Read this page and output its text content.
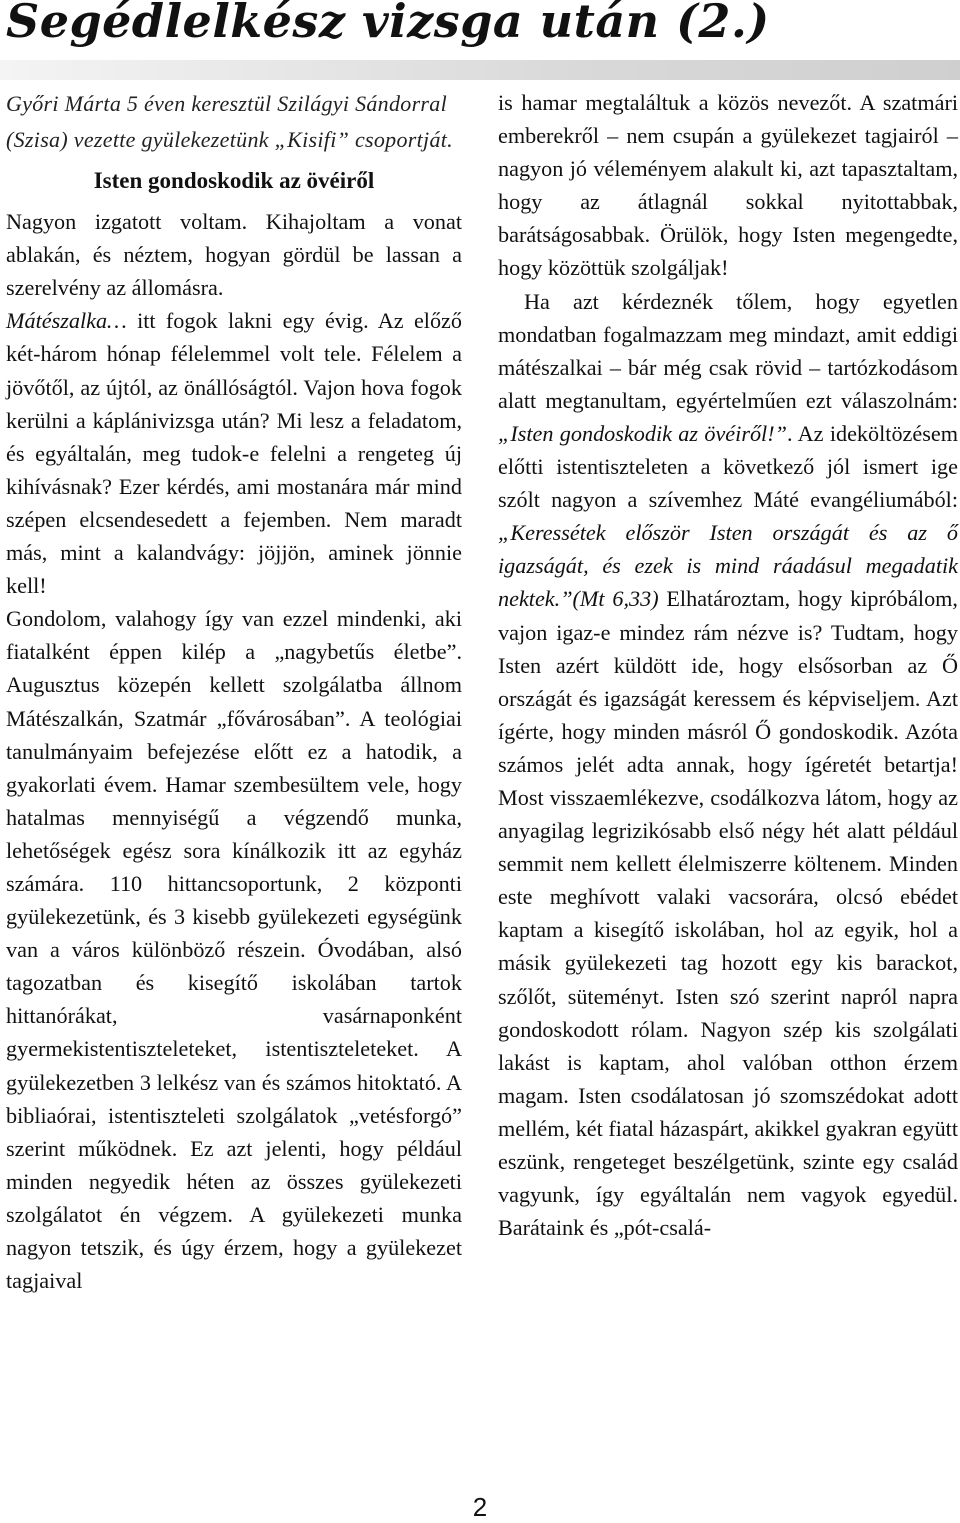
Segédlelkész vizsga után (2.)

Győri Márta 5 éven keresztül Szilágyi Sándorral (Szisa) vezette gyülekezetünk „Kisifi” csoportját.

Isten gondoskodik az övéiről

Nagyon izgatott voltam. Kihajoltam a vonat ablakán, és néztem, hogyan gördül be lassan a szerelvény az állomásra.

Mátészalka… itt fogok lakni egy évig. Az előző két-három hónap félelemmel volt tele. Félelem a jövőtől, az újtól, az önállóságtól. Vajon hova fogok kerülni a káplánivizsga után? Mi lesz a feladatom, és egyáltalán, meg tudok-e felelni a rengeteg új kihívásnak? Ezer kérdés, ami mostanára már mind szépen elcsendesedett a fejemben. Nem maradt más, mint a kalandvágy: jöjjön, aminek jönnie kell!

Gondolom, valahogy így van ezzel mindenki, aki fiatalként éppen kilép a „nagybetűs életbe”. Augusztus közepén kellett szolgálatba állnom Mátészalkán, Szatmár „fővárosában”. A teológiai tanulmányaim befejezése előtt ez a hatodik, a gyakorlati évem. Hamar szembesültem vele, hogy hatalmas mennyiségű a végzendő munka, lehetőségek egész sora kínálkozik itt az egyház számára. 110 hittancsoportunk, 2 központi gyülekezetünk, és 3 kisebb gyülekezeti egységünk van a város különböző részein. Óvodában, alsó tagozatban és kisegítő iskolában tartok hittanórákat, vasárnaponként gyermekistentiszteleteket, istentiszteleteket. A gyülekezetben 3 lelkész van és számos hitoktató. A bibliaórai, istentiszteleti szolgálatok „vetésforgó” szerint működnek. Ez azt jelenti, hogy például minden negyedik héten az összes gyülekezeti szolgálatot én végzem. A gyülekezeti munka nagyon tetszik, és úgy érzem, hogy a gyülekezet tagjaival

is hamar megtaláltuk a közös nevezőt. A szatmári emberekről – nem csupán a gyülekezet tagjairól – nagyon jó véleményem alakult ki, azt tapasztaltam, hogy az átlagnál sokkal nyitottabbak, barátságosabbak. Örülök, hogy Isten megengedte, hogy közöttük szolgáljak!

Ha azt kérdeznék tőlem, hogy egyetlen mondatban fogalmazzam meg mindazt, amit eddigi mátészalkai – bár még csak rövid – tartózkodásom alatt megtanultam, egyértelműen ezt válaszolnám: „Isten gondoskodik az övéiről!”. Az ideköltözésem előtti istentiszteleten a következő jól ismert ige szólt nagyon a szívemhez Máté evangéliumából: „Keressétek először Isten országát és az ő igazságát, és ezek is mind ráadásul megadatik nektek.”(Mt 6,33) Elhatároztam, hogy kipróbálom, vajon igaz-e mindez rám nézve is? Tudtam, hogy Isten azért küldött ide, hogy elsősorban az Ő országát és igazságát keressem és képviseljem. Azt ígérte, hogy minden másról Ő gondoskodik. Azóta számos jelét adta annak, hogy ígéretét betartja! Most visszaemlékezve, csodálkozva látom, hogy az anyagilag legrizikósabb első négy hét alatt például semmit nem kellett élelmiszerre költenem. Minden este meghívott valaki vacsorára, olcsó ebédet kaptam a kisegítő iskolában, hol az egyik, hol a másik gyülekezeti tag hozott egy kis barackot, szőlőt, süteményt. Isten szó szerint napról napra gondoskodott rólam. Nagyon szép kis szolgálati lakást is kaptam, ahol valóban otthon érzem magam. Isten csodálatosan jó szomszédokat adott mellém, két fiatal házaspárt, akikkel gyakran együtt eszünk, rengeteget beszélgetünk, szinte egy család vagyunk, így egyáltalán nem vagyok egyedül. Barátaink és „pót-csalá-

2
